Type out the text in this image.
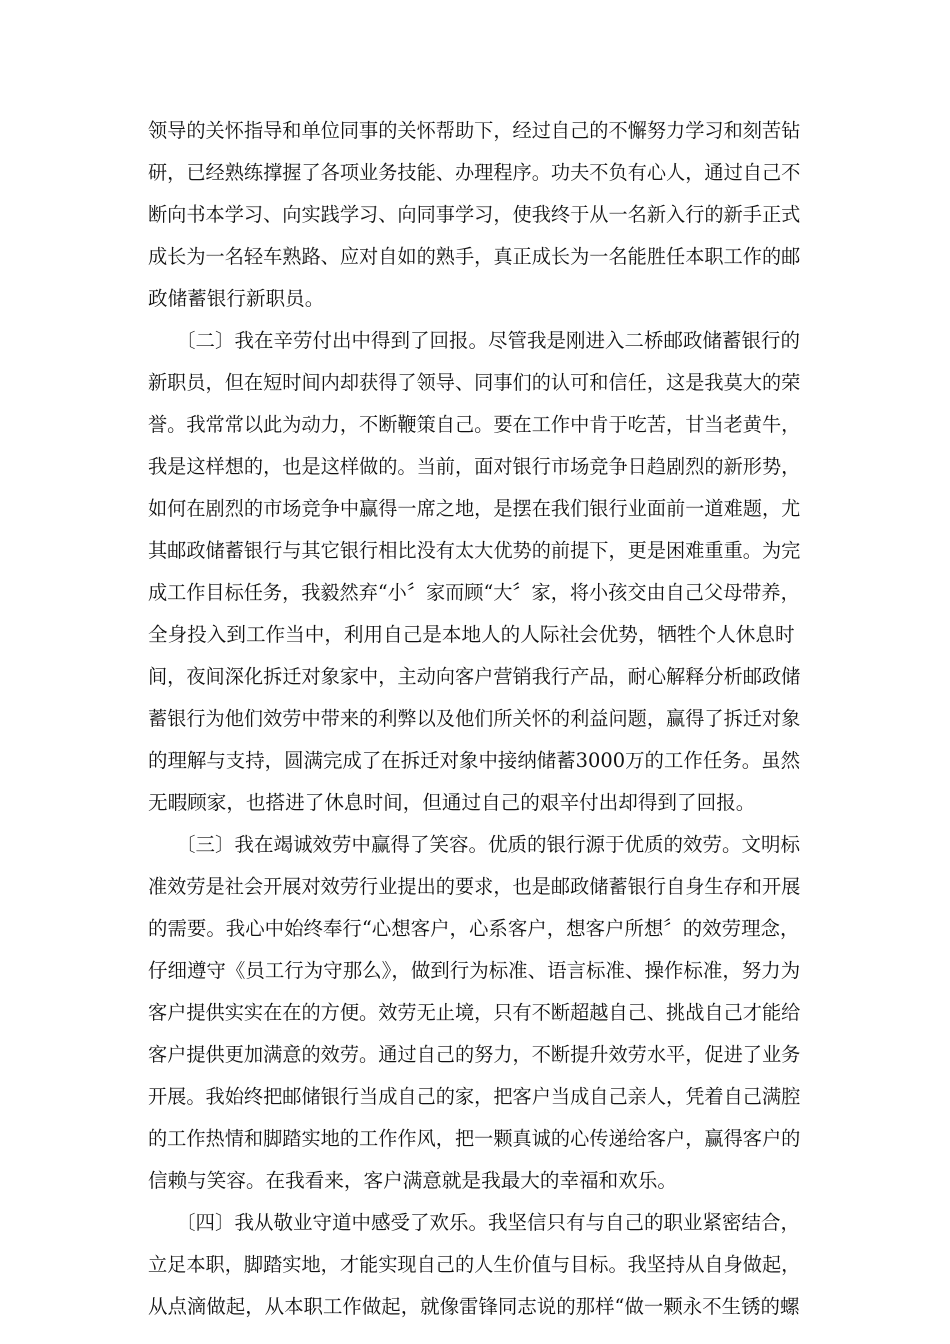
领导的关怀指导和单位同事的关怀帮助下，经过自己的不懈努力学习和刻苦钻
研，已经熟练撑握了各项业务技能、办理程序。功夫不负有心人，通过自己不
断向书本学习、向实践学习、向同事学习，使我终于从一名新入行的新手正式
成长为一名轻车熟路、应对自如的熟手，真正成长为一名能胜任本职工作的邮
政储蓄银行新职员。
〔二〕我在辛劳付出中得到了回报。尽管我是刚进入二桥邮政储蓄银行的
新职员，但在短时间内却获得了领导、同事们的认可和信任，这是我莫大的荣
誉。我常常以此为动力，不断鞭策自己。要在工作中肯于吃苦，甘当老黄牛，
我是这样想的，也是这样做的。当前，面对银行市场竞争日趋剧烈的新形势，
如何在剧烈的市场竞争中赢得一席之地，是摆在我们银行业面前一道难题，尤
其邮政储蓄银行与其它银行相比没有太大优势的前提下，更是困难重重。为完
成工作目标任务，我毅然弃“小〞家而顾“大〞家，将小孩交由自己父母带养，
全身投入到工作当中，利用自己是本地人的人际社会优势，牺牲个人休息时
间，夜间深化拆迁对象家中，主动向客户营销我行产品，耐心解释分析邮政储
蓄银行为他们效劳中带来的利弊以及他们所关怀的利益问题，赢得了拆迁对象
的理解与支持，圆满完成了在拆迁对象中接纳储蓄3000万的工作任务。虽然
无暇顾家，也搭进了休息时间，但通过自己的艰辛付出却得到了回报。
〔三〕我在竭诚效劳中赢得了笑容。优质的银行源于优质的效劳。文明标
准效劳是社会开展对效劳行业提出的要求，也是邮政储蓄银行自身生存和开展
的需要。我心中始终奉行“心想客户，心系客户，想客户所想〞的效劳理念，
仔细遵守《员工行为守那么》，做到行为标准、语言标准、操作标准，努力为
客户提供实实在在的方便。效劳无止境，只有不断超越自己、挑战自己才能给
客户提供更加满意的效劳。通过自己的努力，不断提升效劳水平，促进了业务
开展。我始终把邮储银行当成自己的家，把客户当成自己亲人，凭着自己满腔
的工作热情和脚踏实地的工作作风，把一颗真诚的心传递给客户，赢得客户的
信赖与笑容。在我看来，客户满意就是我最大的幸福和欢乐。
〔四〕我从敬业守道中感受了欢乐。我坚信只有与自己的职业紧密结合，
立足本职，脚踏实地，才能实现自己的人生价值与目标。我坚持从自身做起，
从点滴做起，从本职工作做起，就像雷锋同志说的那样“做一颗永不生锈的螺
